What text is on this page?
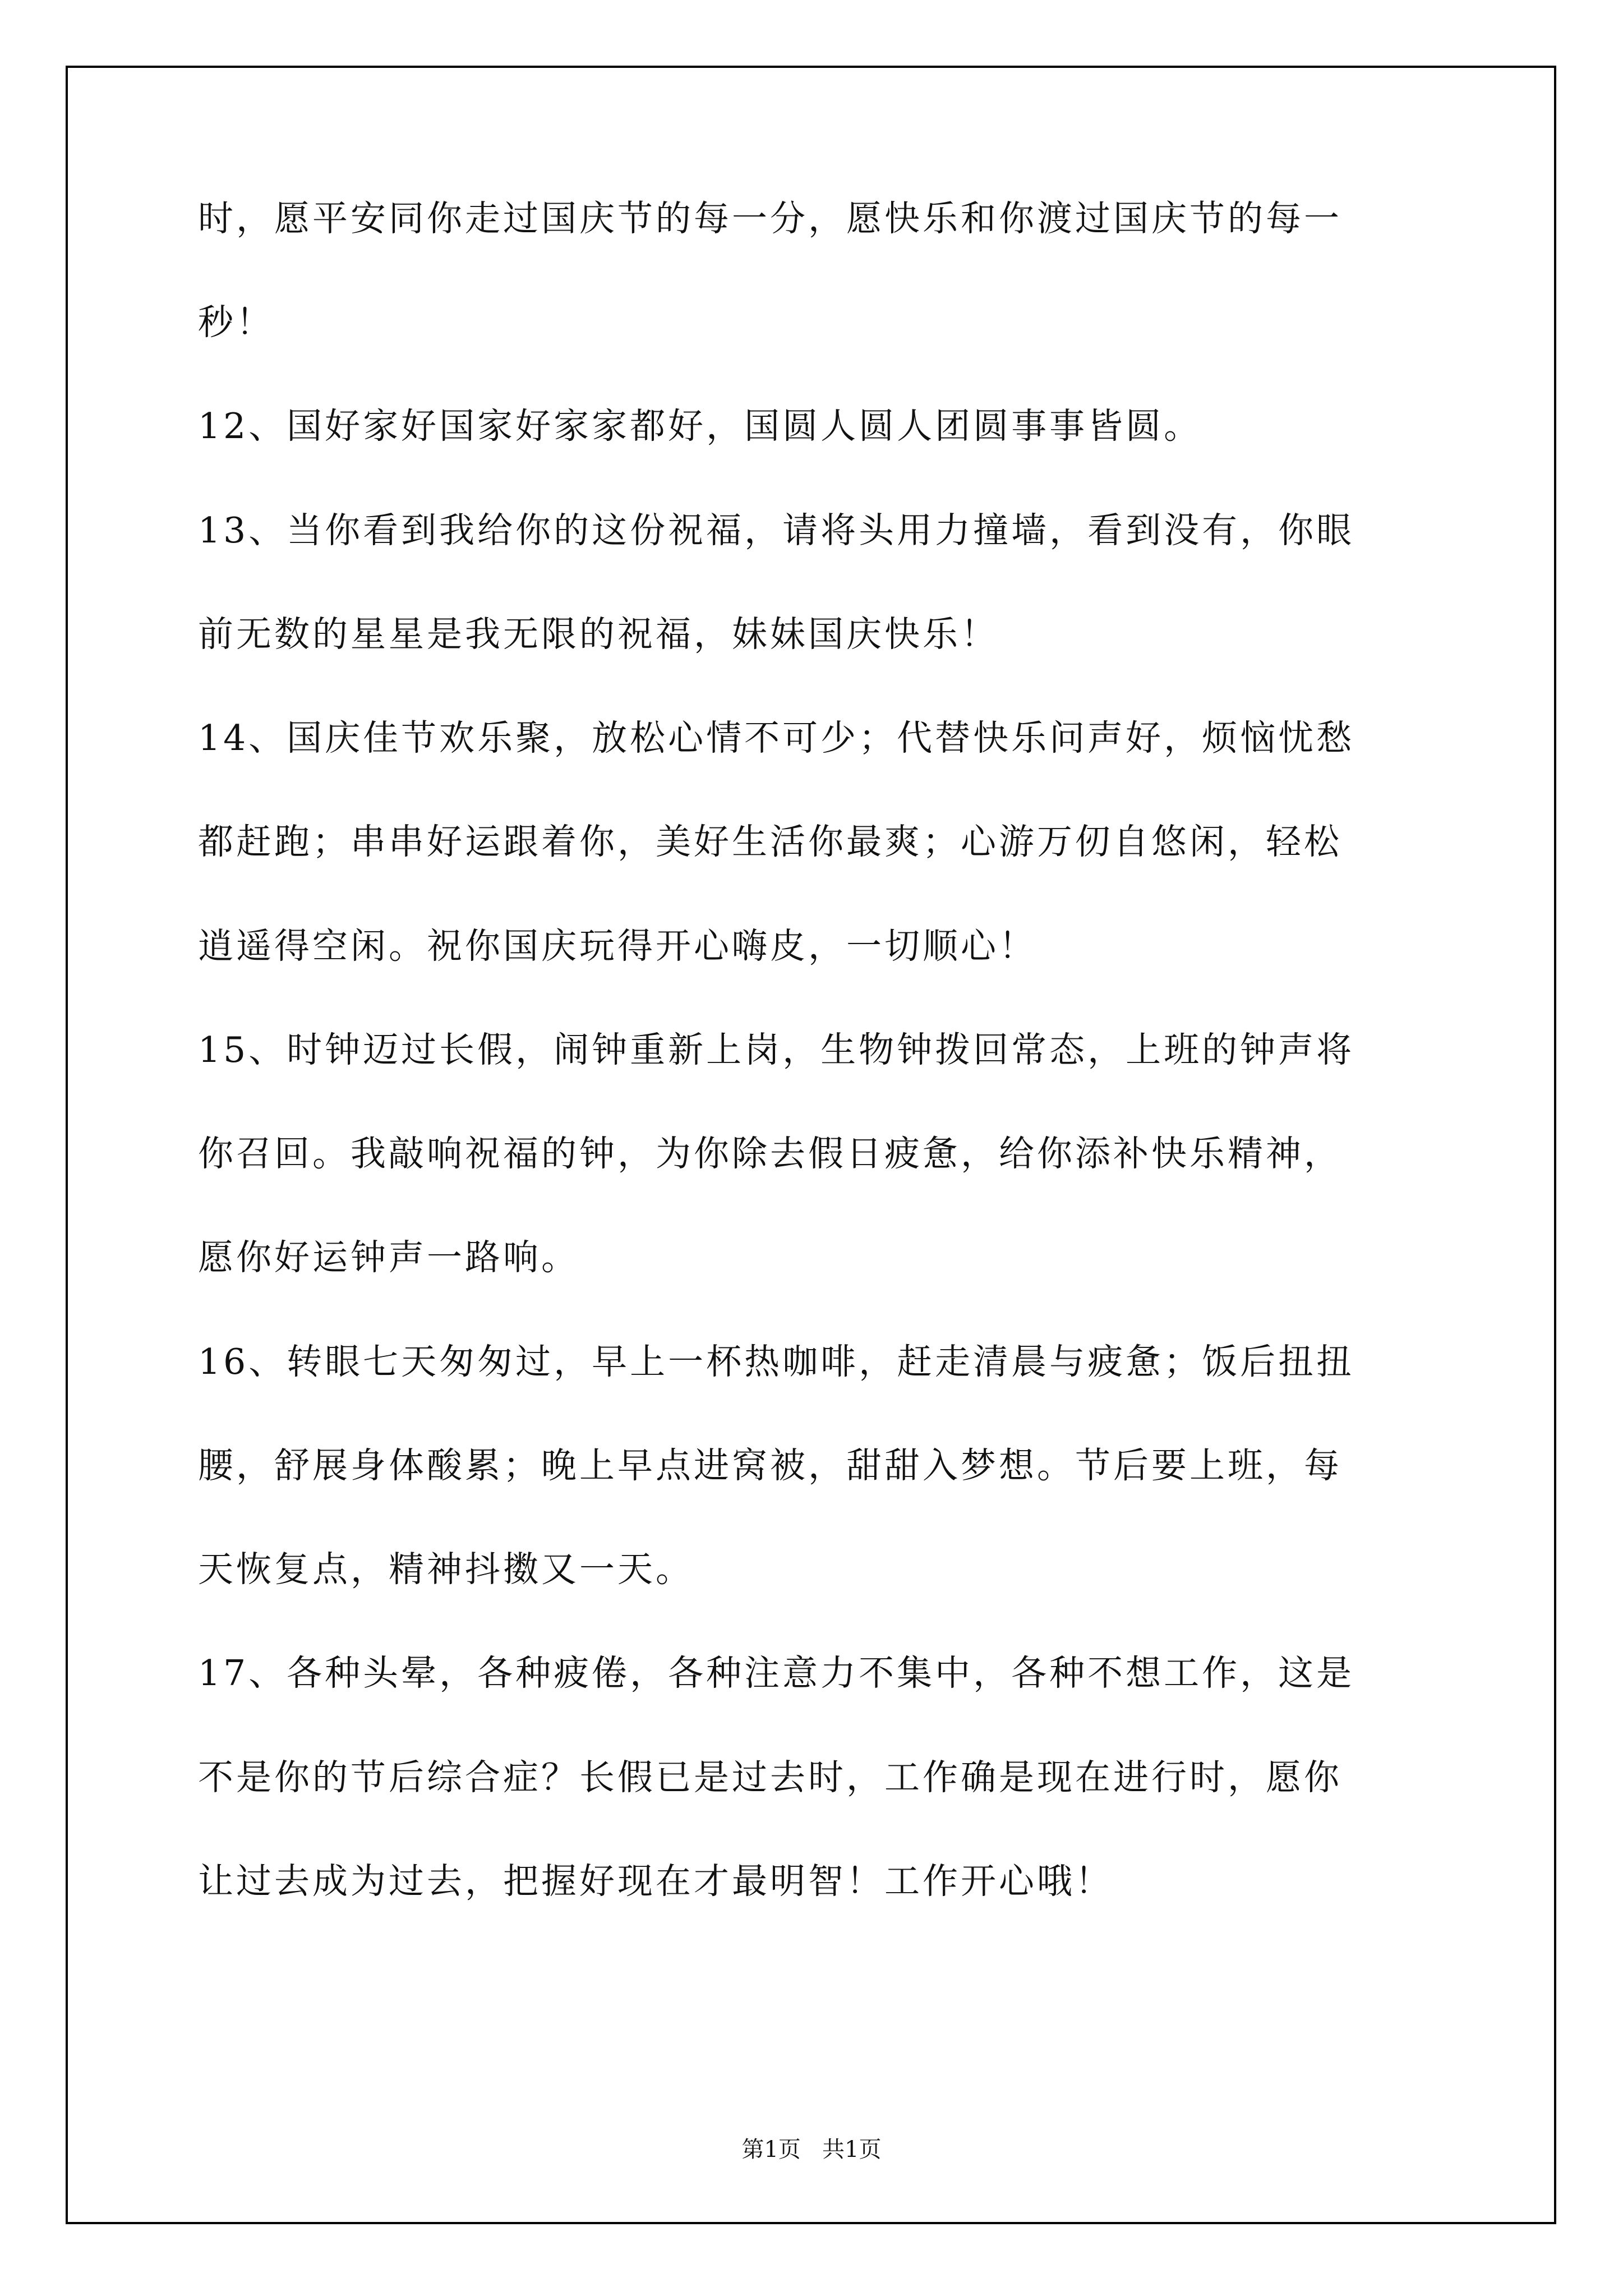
时，愿平安同你走过国庆节的每一分，愿快乐和你渡过国庆节的每一
秒！
12、国好家好国家好家家都好，国圆人圆人团圆事事皆圆。
13、当你看到我给你的这份祝福，请将头用力撞墙，看到没有，你眼
前无数的星星是我无限的祝福，妹妹国庆快乐！
14、国庆佳节欢乐聚，放松心情不可少；代替快乐问声好，烦恼忧愁
都赶跑；串串好运跟着你，美好生活你最爽；心游万仞自悠闲，轻松
逍遥得空闲。祝你国庆玩得开心嗨皮，一切顺心！
15、时钟迈过长假，闹钟重新上岗，生物钟拨回常态，上班的钟声将
你召回。我敲响祝福的钟，为你除去假日疲惫，给你添补快乐精神，
愿你好运钟声一路响。
16、转眼七天匆匆过，早上一杯热咖啡，赶走清晨与疲惫；饭后扭扭
腰，舒展身体酸累；晚上早点进窝被，甜甜入梦想。节后要上班，每
天恢复点，精神抖擞又一天。
17、各种头晕，各种疲倦，各种注意力不集中，各种不想工作，这是
不是你的节后综合症？长假已是过去时，工作确是现在进行时，愿你
让过去成为过去，把握好现在才最明智！工作开心哦！
第1页   共1页
